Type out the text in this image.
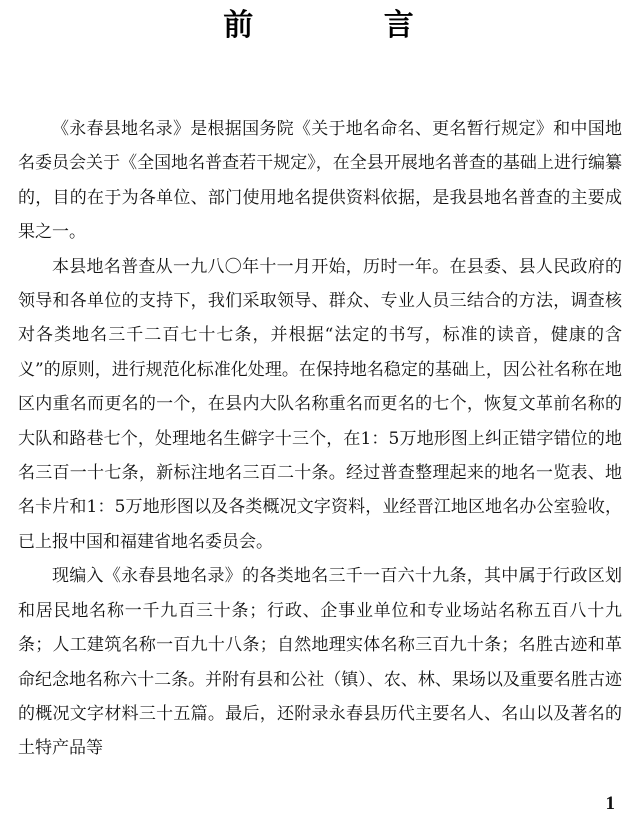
前 言

《永春县地名录》是根据国务院《关于地名命名、更名暂行规定》和中国地名委员会关于《全国地名普查若干规定》，在全县开展地名普查的基础上进行编纂的，目的在于为各单位、部门使用地名提供资料依据，是我县地名普查的主要成果之一。

本县地名普查从一九八〇年十一月开始，历时一年。在县委、县人民政府的领导和各单位的支持下，我们采取领导、群众、专业人员三结合的方法，调查核对各类地名三千二百七十七条，并根据“法定的书写，标准的读音，健康的含义”的原则，进行规范化标准化处理。在保持地名稳定的基础上，因公社名称在地区内重名而更名的一个，在县内大队名称重名而更名的七个，恢复文革前名称的大队和路巷七个，处理地名生僻字十三个，在1：5万地形图上纠正错字错位的地名三百一十七条，新标注地名三百二十条。经过普查整理起来的地名一览表、地名卡片和1：5万地形图以及各类概况文字资料，业经晋江地区地名办公室验收，已上报中国和福建省地名委员会。

现编入《永春县地名录》的各类地名三千一百六十九条，其中属于行政区划和居民地名称一千九百三十条；行政、企事业单位和专业场站名称五百八十九条；人工建筑名称一百九十八条；自然地理实体名称三百九十条；名胜古迹和革命纪念地名称六十二条。并附有县和公社（镇）、农、林、果场以及重要名胜古迹的概况文字材料三十五篇。最后，还附录永春县历代主要名人、名山以及著名的土特产品等

1
